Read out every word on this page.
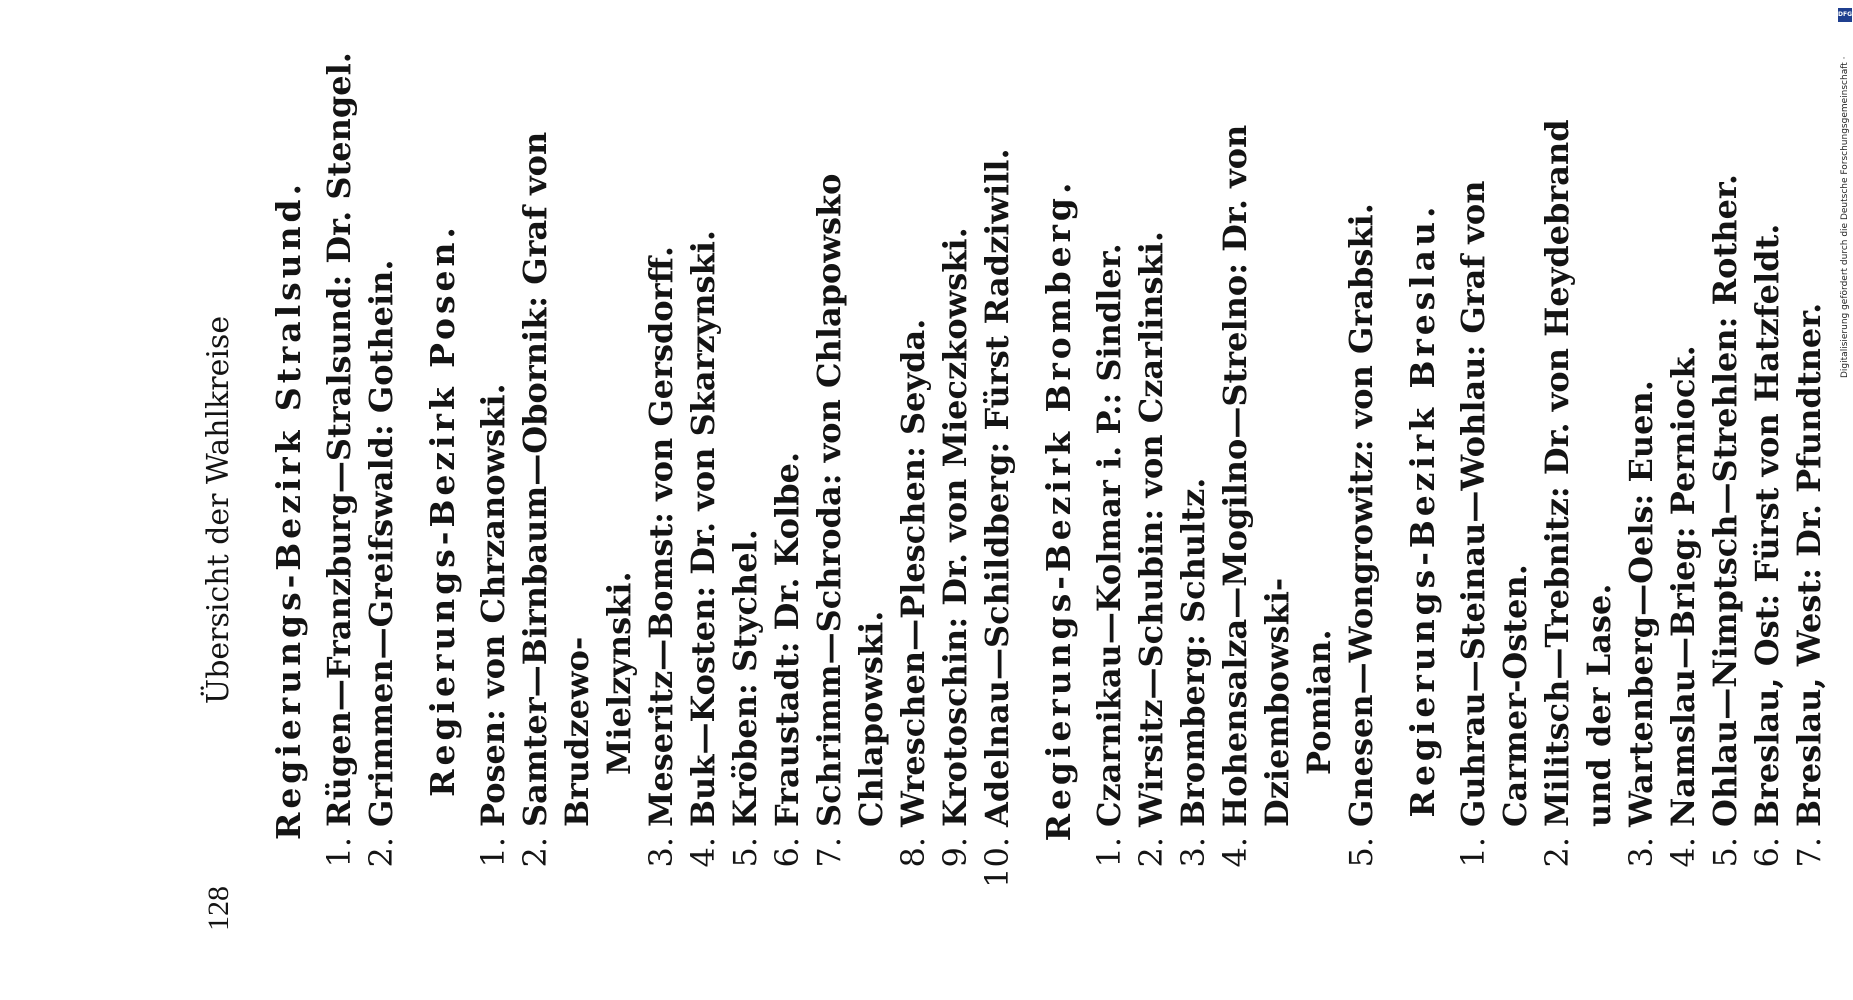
128
Übersicht der Wahlkreise	Regierungs-Bezirk Stralsund.
1.
Rügen—Franzburg—Stralsund: Dr. Stengel.
2.
Grimmen—Greifswald: Gothein. Regierungs-Bezirk Posen.
1.
Posen: von Chrzanowski.
2.
Samter—Birnbaum—Obornik: Graf von Brudzewo- Mielzynski.
3.
Meseritz—Bomst: von Gersdorff.
4.
Buk—Kosten: Dr. von Skarzynski.
5.
Kröben: Stychel.
6.
Fraustadt: Dr. Kolbe.
7.
Schrimm—Schroda: von Chlapowsko Chlapowski.
8.
Wreschen—Pleschen: Seyda.
9.
Krotoschin: Dr. von Mieczkowski.
10.
Adelnau—Schildberg: Fürst Radziwill. Regierungs-Bezirk Bromberg.
1.
Czarnikau—Kolmar i. P.: Sindler.
2.
Wirsitz—Schubin: von Czarlinski.
3.
Bromberg: Schultz.
4.
Hohensalza—Mogilno—Strelno: Dr. von Dziembowski- Pomian.
5.
Gnesen—Wongrowitz: von Grabski. Regierungs-Bezirk Breslau.
1.
Guhrau—Steinau—Wohlau: Graf von Carmer-Osten.
2.
Militsch—Trebnitz: Dr. von Heydebrand und der Lase.
3.
Wartenberg—Oels: Euen.
4.
Namslau—Brieg: Perniock.
5.
Ohlau—Nimptsch—Strehlen: Rother.
6.
Breslau, Ost: Fürst von Hatzfeldt.
7.
Breslau, West: Dr. Pfundtner.
DFG
Digitalisierung gefördert durch die Deutsche Forschungsgemeinschaft ·
